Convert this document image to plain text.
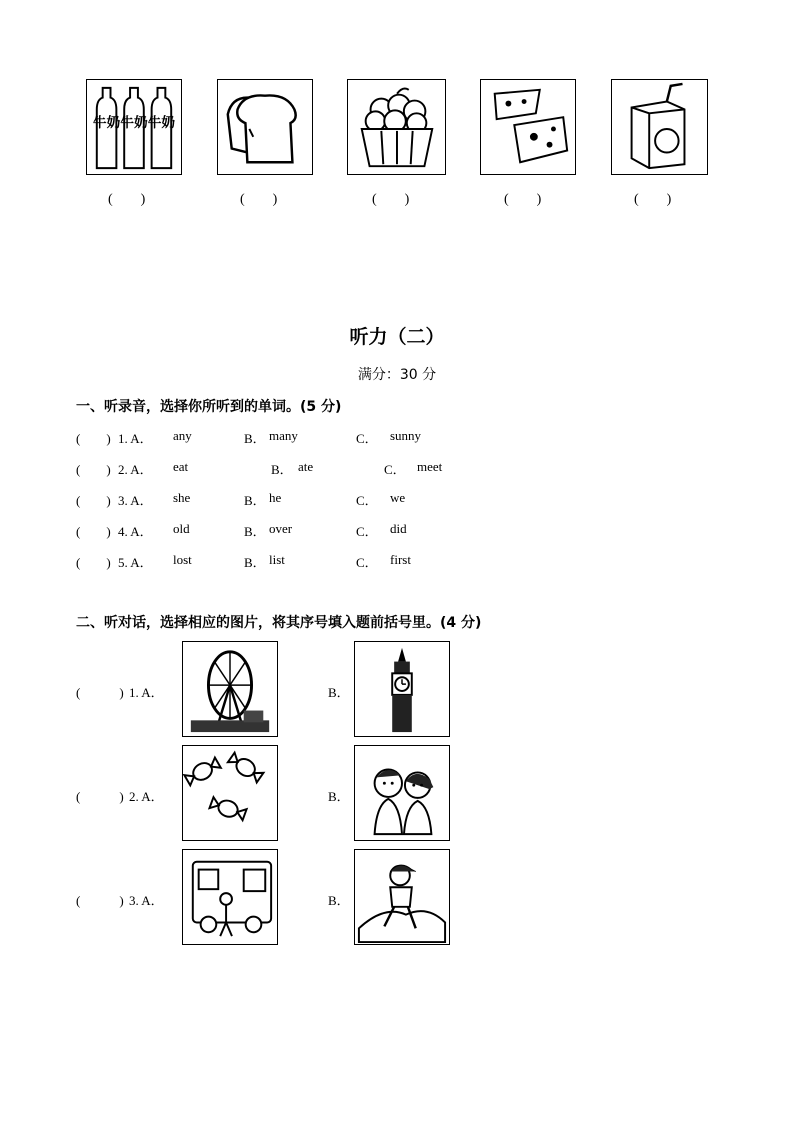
牛奶 牛奶 牛奶
(　　)	(　　)	(　　)	(　　)	(　　)
听力（二）
满分：30 分
一、听录音，选择你所听到的单词。(5 分)
(　　) 1. A． any	B． many	C． sunny
(　　) 2. A． eat	B． ate	C． meet
(　　) 3. A． she	B． he	C． we
(　　) 4. A． old	B． over	C． did
(　　) 5. A． lost	B． list	C． first
二、听对话，选择相应的图片，将其序号填入题前括号里。(4 分)
(　　　) 1. A．	B．
(　　　) 2. A．	B．
(　　　) 3. A．	B．
